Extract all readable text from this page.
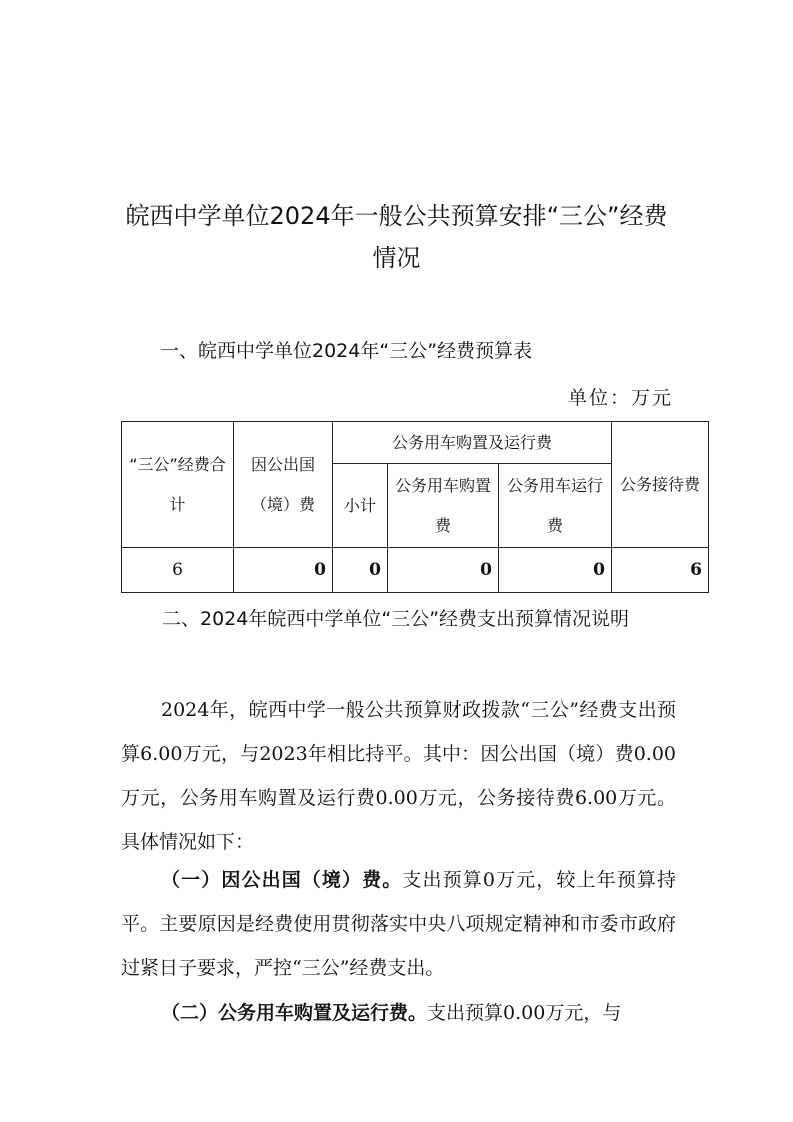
皖西中学单位2024年一般公共预算安排“三公”经费
情况
一、皖西中学单位2024年“三公”经费预算表
单位：万元
“三公”经费合计	因公出国（境）费	公务用车购置及运行费			公务接待费
		小计	公务用车购置费	公务用车运行费	
6	0	0	0	0	6
二、2024年皖西中学单位“三公”经费支出预算情况说明

2024年，皖西中学一般公共预算财政拨款“三公”经费支出预算6.00万元，与2023年相比持平。其中：因公出国（境）费0.00万元，公务用车购置及运行费0.00万元，公务接待费6.00万元。具体情况如下：

（一）因公出国（境）费。支出预算0万元，较上年预算持平。主要原因是经费使用贯彻落实中央八项规定精神和市委市政府过紧日子要求，严控“三公”经费支出。

（二）公务用车购置及运行费。支出预算0.00万元，与
